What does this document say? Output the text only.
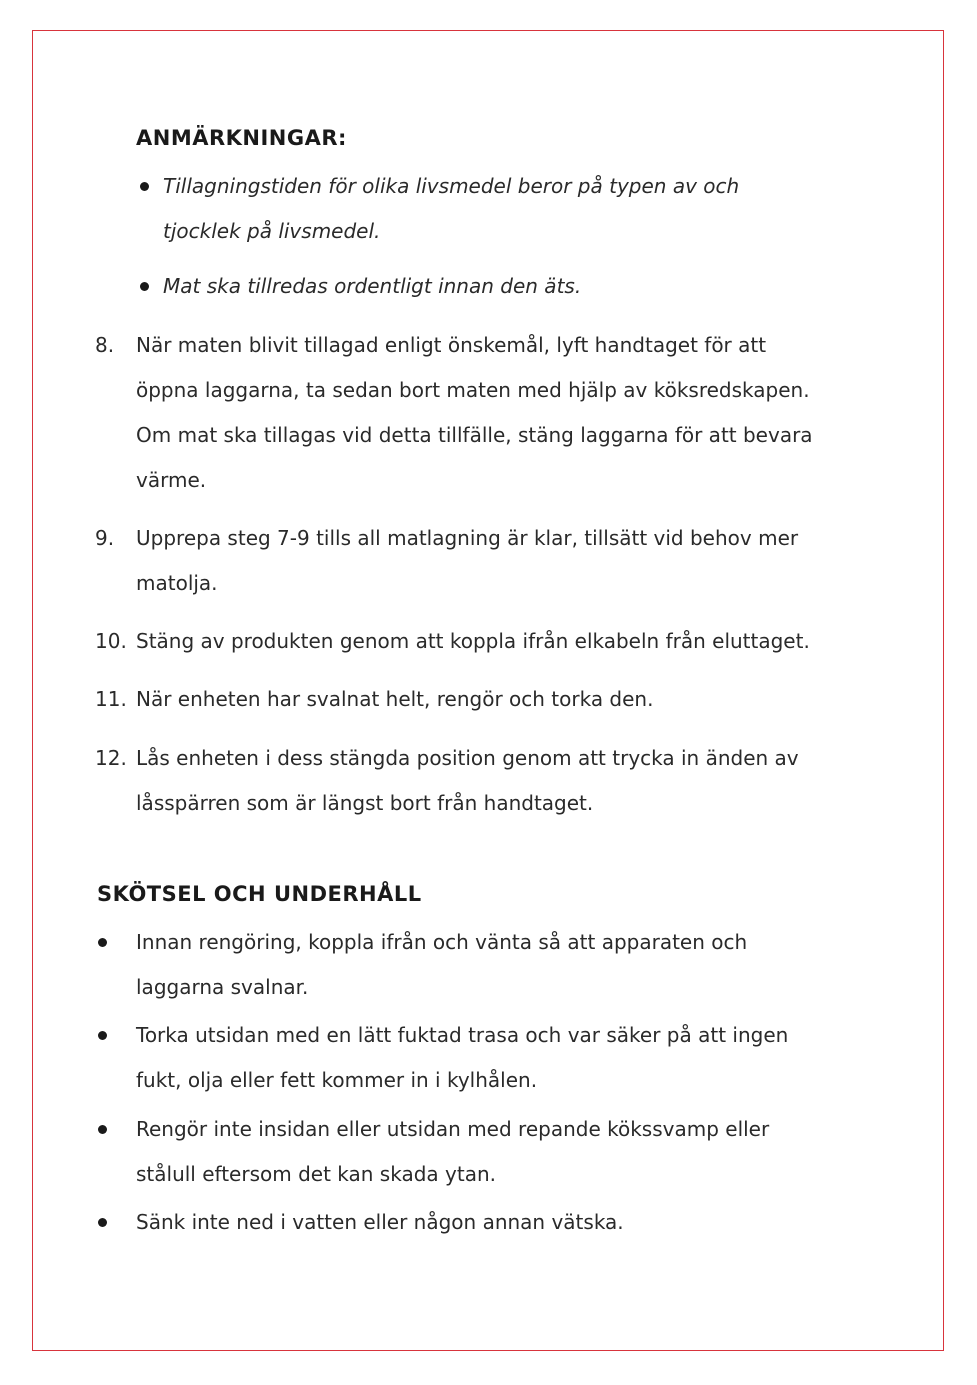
ANMÄRKNINGAR:
Tillagningstiden för olika livsmedel beror på typen av och
tjocklek på livsmedel.
Mat ska tillredas ordentligt innan den äts.
8. När maten blivit tillagad enligt önskemål, lyft handtaget för att
öppna laggarna, ta sedan bort maten med hjälp av köksredskapen.
Om mat ska tillagas vid detta tillfälle, stäng laggarna för att bevara
värme.
9. Upprepa steg 7-9 tills all matlagning är klar, tillsätt vid behov mer
matolja.
10. Stäng av produkten genom att koppla ifrån elkabeln från eluttaget.
11. När enheten har svalnat helt, rengör och torka den.
12. Lås enheten i dess stängda position genom att trycka in änden av
låsspärren som är längst bort från handtaget.
SKÖTSEL OCH UNDERHÅLL
Innan rengöring, koppla ifrån och vänta så att apparaten och
laggarna svalnar.
Torka utsidan med en lätt fuktad trasa och var säker på att ingen
fukt, olja eller fett kommer in i kylhålen.
Rengör inte insidan eller utsidan med repande kökssvamp eller
stålull eftersom det kan skada ytan.
Sänk inte ned i vatten eller någon annan vätska.
